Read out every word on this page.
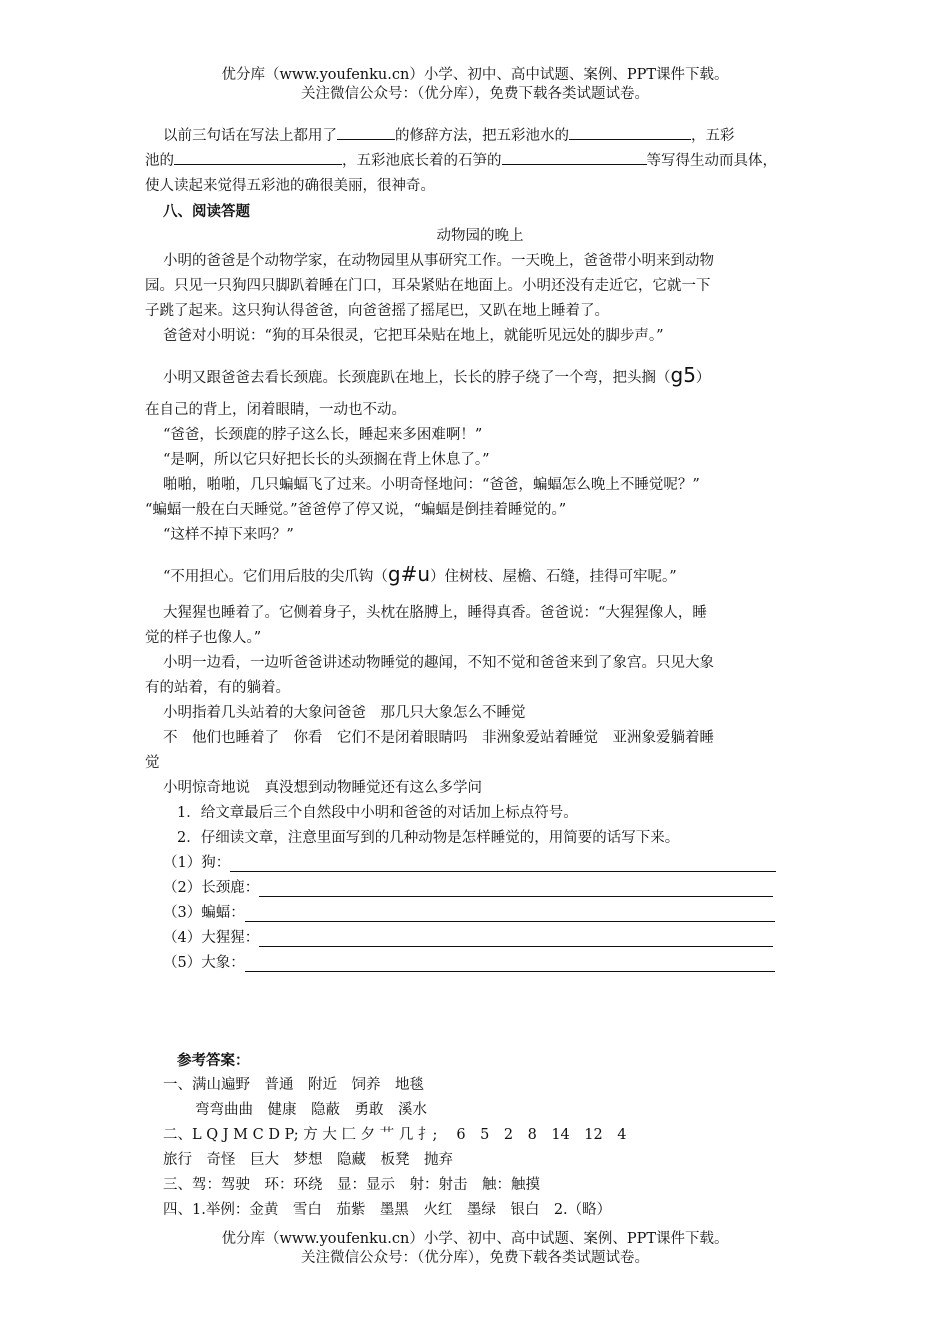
优分库（www.youfenku.cn）小学、初中、高中试题、案例、PPT课件下载。
关注微信公众号：（优分库），免费下载各类试题试卷。
以前三句话在写法上都用了	的修辞方法，把五彩池水的	，五彩
池的	，五彩池底长着的石笋的	等写得生动而具体，
使人读起来觉得五彩池的确很美丽，很神奇。
八、阅读答题
动物园的晚上
小明的爸爸是个动物学家，在动物园里从事研究工作。一天晚上，爸爸带小明来到动物
园。只见一只狗四只脚趴着睡在门口，耳朵紧贴在地面上。小明还没有走近它，它就一下
子跳了起来。这只狗认得爸爸，向爸爸摇了摇尾巴，又趴在地上睡着了。
爸爸对小明说：“狗的耳朵很灵，它把耳朵贴在地上，就能听见远处的脚步声。”
小明又跟爸爸去看长颈鹿。长颈鹿趴在地上，长长的脖子绕了一个弯，把头搁（g5）
在自己的背上，闭着眼睛，一动也不动。
“爸爸，长颈鹿的脖子这么长，睡起来多困难啊！”
“是啊，所以它只好把长长的头颈搁在背上休息了。”
啪啪，啪啪，几只蝙蝠飞了过来。小明奇怪地问：“爸爸，蝙蝠怎么晚上不睡觉呢？”
“蝙蝠一般在白天睡觉。”爸爸停了停又说，“蝙蝠是倒挂着睡觉的。”
“这样不掉下来吗？”
“不用担心。它们用后肢的尖爪钩（g#u）住树枝、屋檐、石缝，挂得可牢呢。”
大猩猩也睡着了。它侧着身子，头枕在胳膊上，睡得真香。爸爸说：“大猩猩像人，睡
觉的样子也像人。”
小明一边看，一边听爸爸讲述动物睡觉的趣闻，不知不觉和爸爸来到了象宫。只见大象
有的站着，有的躺着。
小明指着几头站着的大象问爸爸　那几只大象怎么不睡觉
不　他们也睡着了　你看　它们不是闭着眼睛吗　非洲象爱站着睡觉　亚洲象爱躺着睡
觉
小明惊奇地说　真没想到动物睡觉还有这么多学问
1．给文章最后三个自然段中小明和爸爸的对话加上标点符号。
2．仔细读文章，注意里面写到的几种动物是怎样睡觉的，用简要的话写下来。
（1）狗：
（2）长颈鹿：
（3）蝙蝠：
（4）大猩猩：
（5）大象：
参考答案：
一、满山遍野　普通　附近　饲养　地毯
弯弯曲曲　健康　隐蔽　勇敢　溪水
二、L Q J M C D P; 方 大 匚 夕 艹 几 扌;　 6　5　2　8　14　12　4
旅行　奇怪　巨大　梦想　隐藏　板凳　抛弃
三、驾：驾驶　环：环绕　显：显示　射：射击　触：触摸
四、1.举例：金黄　雪白　茄紫　墨黑　火红　墨绿　银白　2.（略）
优分库（www.youfenku.cn）小学、初中、高中试题、案例、PPT课件下载。
关注微信公众号：（优分库），免费下载各类试题试卷。
